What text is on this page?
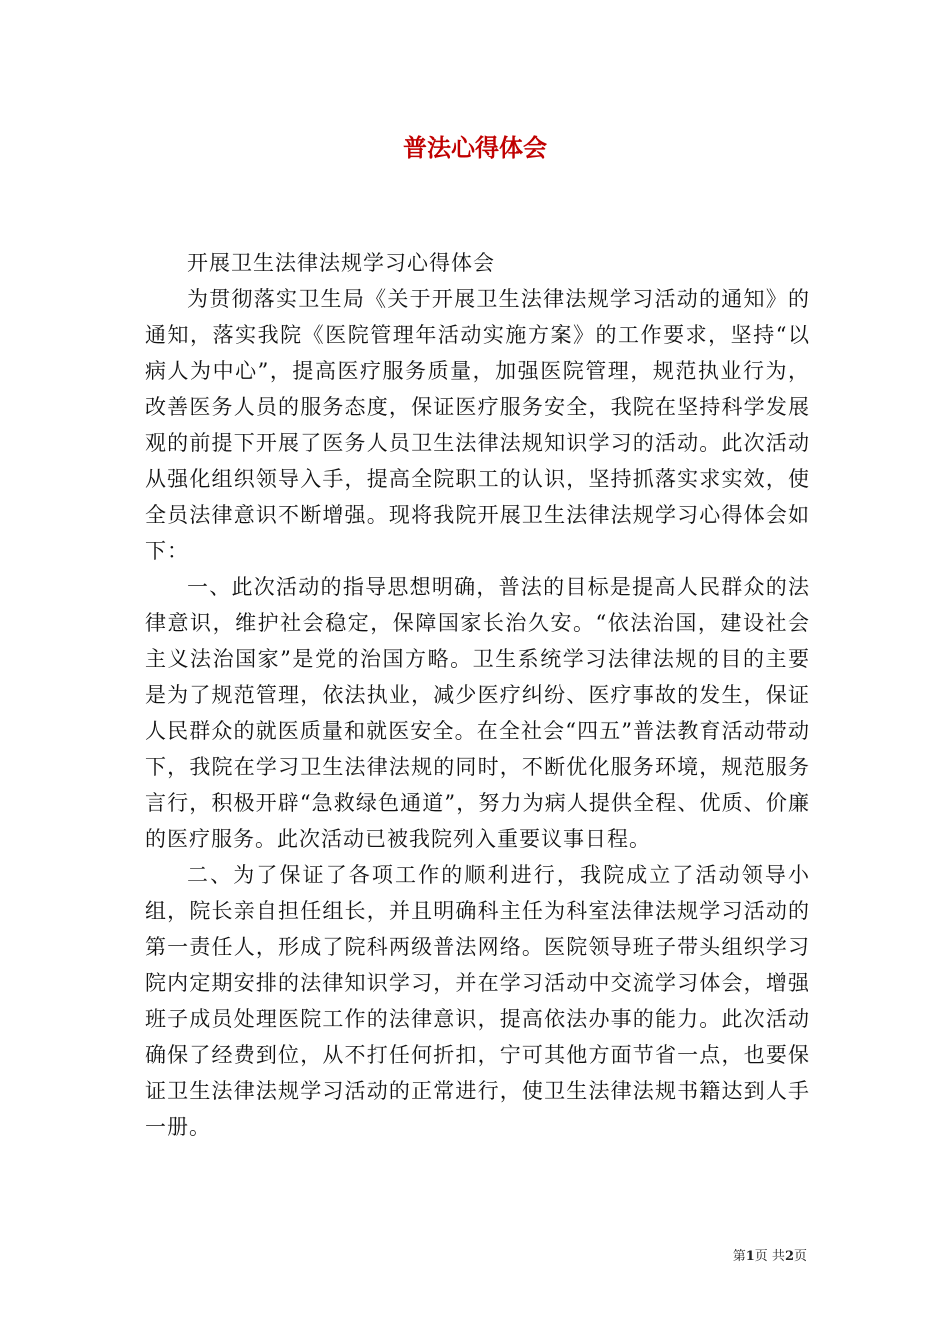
普法心得体会

开展卫生法律法规学习心得体会

为贯彻落实卫生局《关于开展卫生法律法规学习活动的通知》的通知，落实我院《医院管理年活动实施方案》的工作要求，坚持“以病人为中心”，提高医疗服务质量，加强医院管理，规范执业行为，改善医务人员的服务态度，保证医疗服务安全，我院在坚持科学发展观的前提下开展了医务人员卫生法律法规知识学习的活动。此次活动从强化组织领导入手，提高全院职工的认识，坚持抓落实求实效，使全员法律意识不断增强。现将我院开展卫生法律法规学习心得体会如下：

一、此次活动的指导思想明确，普法的目标是提高人民群众的法律意识，维护社会稳定，保障国家长治久安。“依法治国，建设社会主义法治国家”是党的治国方略。卫生系统学习法律法规的目的主要是为了规范管理，依法执业，减少医疗纠纷、医疗事故的发生，保证人民群众的就医质量和就医安全。在全社会“四五”普法教育活动带动下，我院在学习卫生法律法规的同时，不断优化服务环境，规范服务言行，积极开辟“急救绿色通道”，努力为病人提供全程、优质、价廉的医疗服务。此次活动已被我院列入重要议事日程。

二、为了保证了各项工作的顺利进行，我院成立了活动领导小组，院长亲自担任组长，并且明确科主任为科室法律法规学习活动的第一责任人，形成了院科两级普法网络。医院领导班子带头组织学习院内定期安排的法律知识学习，并在学习活动中交流学习体会，增强班子成员处理医院工作的法律意识，提高依法办事的能力。此次活动确保了经费到位，从不打任何折扣，宁可其他方面节省一点，也要保证卫生法律法规学习活动的正常进行，使卫生法律法规书籍达到人手一册。

第1页 共2页
